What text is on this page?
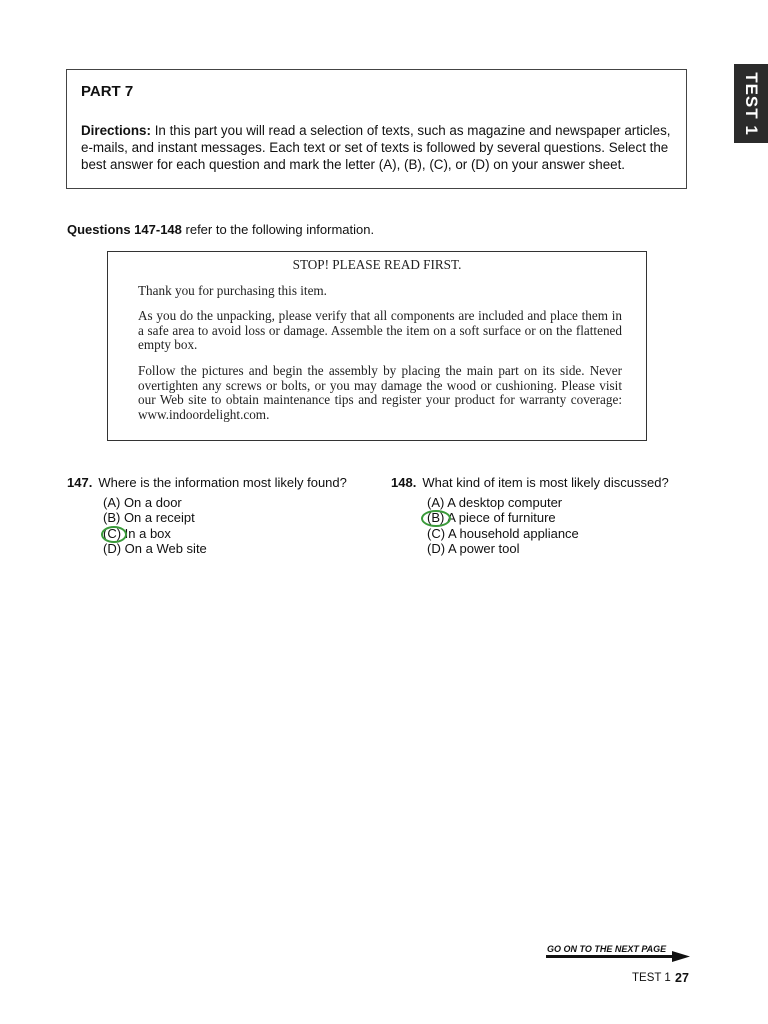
TEST 1
PART 7
Directions: In this part you will read a selection of texts, such as magazine and newspaper articles, e-mails, and instant messages. Each text or set of texts is followed by several questions. Select the best answer for each question and mark the letter (A), (B), (C), or (D) on your answer sheet.
Questions 147-148 refer to the following information.
STOP! PLEASE READ FIRST.
Thank you for purchasing this item.
As you do the unpacking, please verify that all components are included and place them in a safe area to avoid loss or damage. Assemble the item on a soft surface or on the flattened empty box.
Follow the pictures and begin the assembly by placing the main part on its side. Never overtighten any screws or bolts, or you may damage the wood or cushioning. Please visit our Web site to obtain maintenance tips and register your product for warranty coverage: www.indoordelight.com.
147. Where is the information most likely found?
(A) On a door
(B) On a receipt
(C) In a box
(D) On a Web site
148. What kind of item is most likely discussed?
(A) A desktop computer
(B) A piece of furniture
(C) A household appliance
(D) A power tool
GO ON TO THE NEXT PAGE
TEST 1 27
